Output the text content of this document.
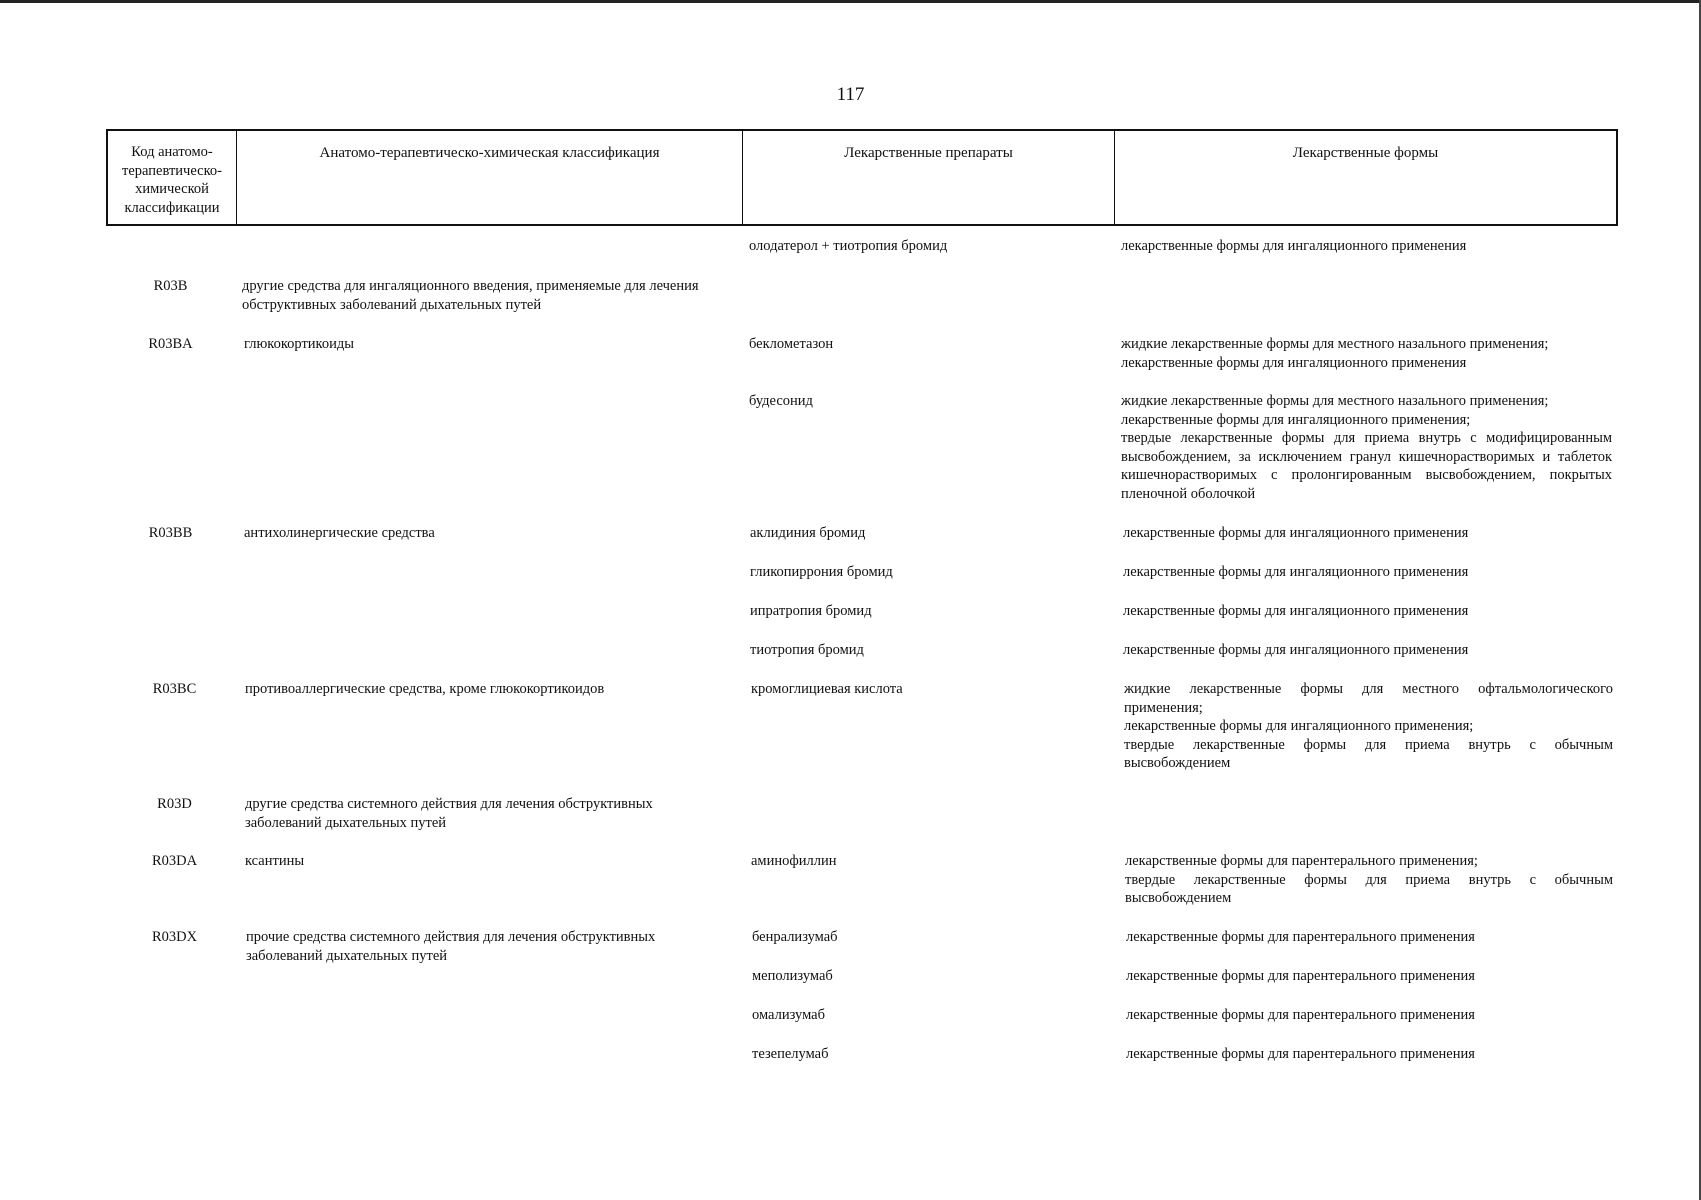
117
Код анатомо-терапевтическо-химической классификации
Анатомо-терапевтическо-химическая классификация	Лекарственные препараты	Лекарственные формы
олодатерол + тиотропия бромид	лекарственные формы для ингаляционного применения
R03B	другие средства для ингаляционного введения, применяемые для лечения обструктивных заболеваний дыхательных путей
R03BA	глюкокортикоиды	беклометазон	жидкие лекарственные формы для местного назального применения;
лекарственные формы для ингаляционного применения
будесонид	жидкие лекарственные формы для местного назального применения;
лекарственные формы для ингаляционного применения;
твердые лекарственные формы для приема внутрь с модифицированным высвобождением, за исключением гранул кишечнорастворимых и таблеток кишечнорастворимых с пролонгированным высвобождением, покрытых пленочной оболочкой
R03BB	антихолинергические средства	аклидиния бромид	лекарственные формы для ингаляционного применения
гликопиррония бромид	лекарственные формы для ингаляционного применения
ипратропия бромид	лекарственные формы для ингаляционного применения
тиотропия бромид	лекарственные формы для ингаляционного применения
R03BC	противоаллергические средства, кроме глюкокортикоидов	кромоглициевая кислота	жидкие лекарственные формы для местного офтальмологического применения;
лекарственные формы для ингаляционного применения;
твердые лекарственные формы для приема внутрь с обычным высвобождением
R03D	другие средства системного действия для лечения обструктивных заболеваний дыхательных путей
R03DA	ксантины	аминофиллин	лекарственные формы для парентерального применения;
твердые лекарственные формы для приема внутрь с обычным высвобождением
R03DX	прочие средства системного действия для лечения обструктивных заболеваний дыхательных путей
бенрализумаб	лекарственные формы для парентерального применения
меполизумаб	лекарственные формы для парентерального применения
омализумаб	лекарственные формы для парентерального применения
тезепелумаб	лекарственные формы для парентерального применения
